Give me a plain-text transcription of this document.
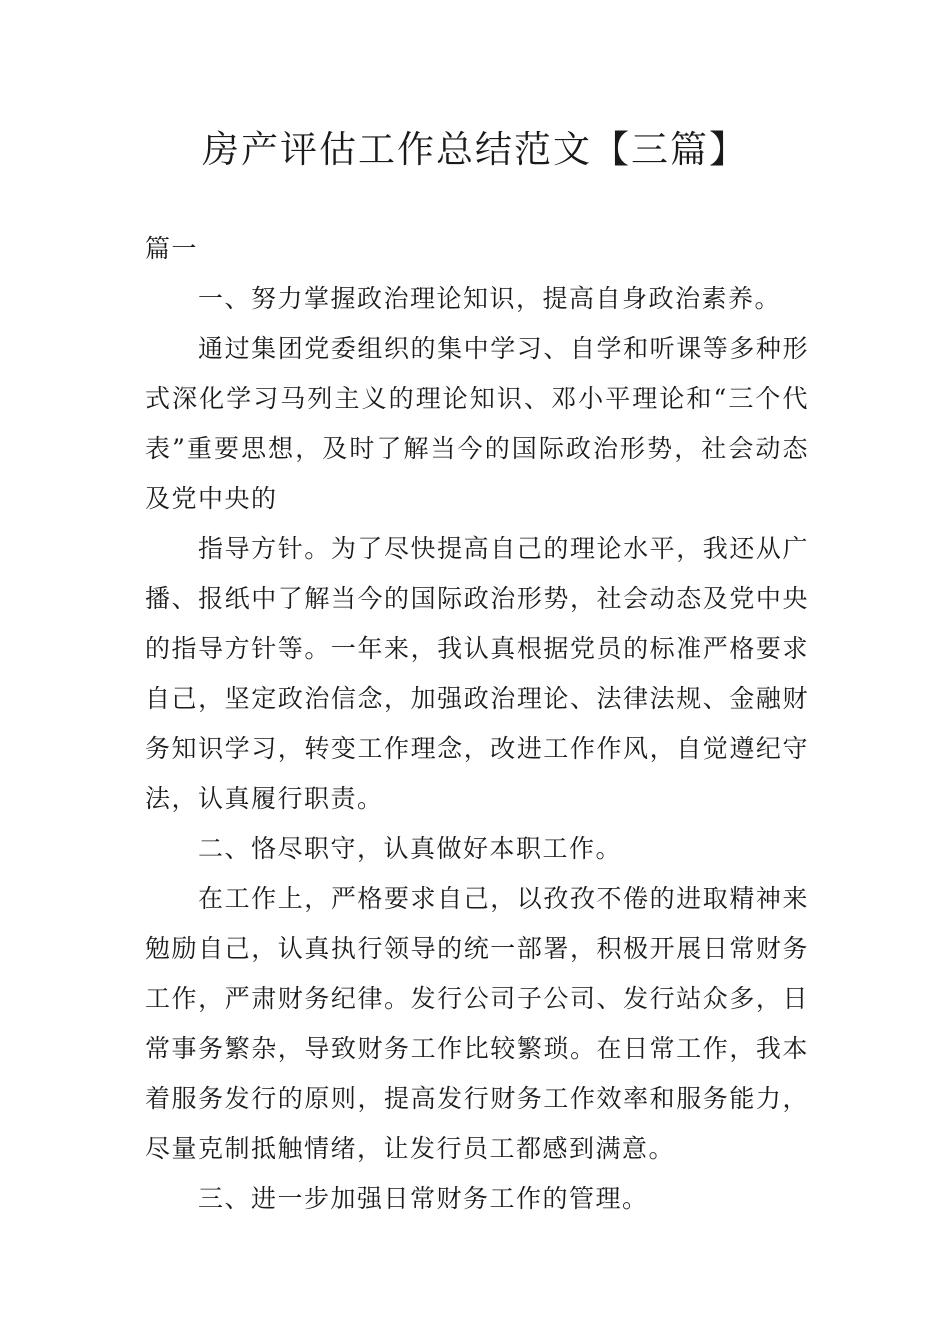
房产评估工作总结范文【三篇】

篇一

一、努力掌握政治理论知识，提高自身政治素养。

通过集团党委组织的集中学习、自学和听课等多种形式深化学习马列主义的理论知识、邓小平理论和“三个代表”重要思想，及时了解当今的国际政治形势，社会动态及党中央的

指导方针。为了尽快提高自己的理论水平，我还从广播、报纸中了解当今的国际政治形势，社会动态及党中央的指导方针等。一年来，我认真根据党员的标准严格要求自己，坚定政治信念，加强政治理论、法律法规、金融财务知识学习，转变工作理念，改进工作作风，自觉遵纪守法，认真履行职责。

二、恪尽职守，认真做好本职工作。

在工作上，严格要求自己，以孜孜不倦的进取精神来勉励自己，认真执行领导的统一部署，积极开展日常财务工作，严肃财务纪律。发行公司子公司、发行站众多，日常事务繁杂，导致财务工作比较繁琐。在日常工作，我本着服务发行的原则，提高发行财务工作效率和服务能力，尽量克制抵触情绪，让发行员工都感到满意。

三、进一步加强日常财务工作的管理。
